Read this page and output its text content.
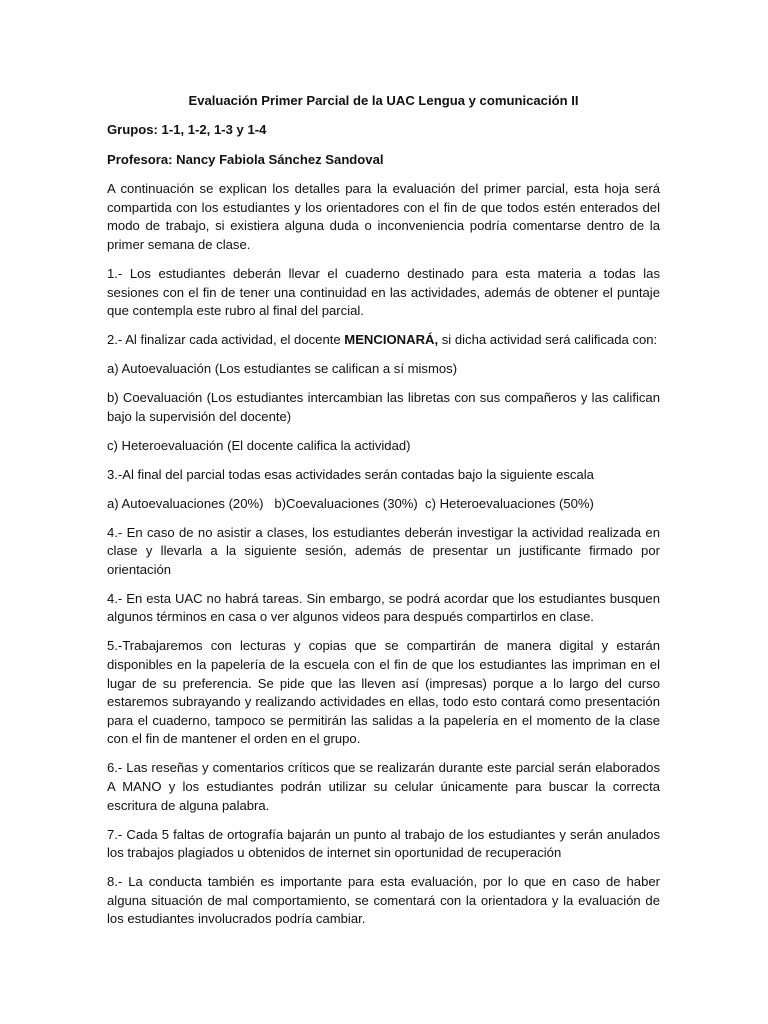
Evaluación Primer Parcial de la UAC Lengua y comunicación II

Grupos: 1-1, 1-2, 1-3 y 1-4

Profesora: Nancy Fabiola Sánchez Sandoval

A continuación se explican los detalles para la evaluación del primer parcial, esta hoja será compartida con los estudiantes y los orientadores con el fin de que todos estén enterados del modo de trabajo, si existiera alguna duda o inconveniencia podría comentarse dentro de la primer semana de clase.

1.- Los estudiantes deberán llevar el cuaderno destinado para esta materia a todas las sesiones con el fin de tener una continuidad en las actividades, además de obtener el puntaje que contempla este rubro al final del parcial.

2.- Al finalizar cada actividad, el docente MENCIONARÁ, si dicha actividad será calificada con:

a) Autoevaluación (Los estudiantes se califican a sí mismos)

b) Coevaluación (Los estudiantes intercambian las libretas con sus compañeros y las califican bajo la supervisión del docente)

c) Heteroevaluación (El docente califica la actividad)

3.-Al final del parcial todas esas actividades serán contadas bajo la siguiente escala

a) Autoevaluaciones (20%)   b)Coevaluaciones (30%)  c) Heteroevaluaciones (50%)

4.- En caso de no asistir a clases, los estudiantes deberán investigar la actividad realizada en clase y llevarla a la siguiente sesión, además de presentar un justificante firmado por orientación

4.- En esta UAC no habrá tareas. Sin embargo, se podrá acordar que los estudiantes busquen algunos términos en casa o ver algunos videos para después compartirlos en clase.

5.-Trabajaremos con lecturas y copias que se compartirán de manera digital y estarán disponibles en la papelería de la escuela con el fin de que los estudiantes las impriman en el lugar de su preferencia. Se pide que las lleven así (impresas) porque a lo largo del curso estaremos subrayando y realizando actividades en ellas, todo esto contará como presentación para el cuaderno, tampoco se permitirán las salidas a la papelería en el momento de la clase con el fin de mantener el orden en el grupo.

6.- Las reseñas y comentarios críticos que se realizarán durante este parcial serán elaborados A MANO y los estudiantes podrán utilizar su celular únicamente para buscar la correcta escritura de alguna palabra.

7.- Cada 5 faltas de ortografía bajarán un punto al trabajo de los estudiantes y serán anulados los trabajos plagiados u obtenidos de internet sin oportunidad de recuperación

8.- La conducta también es importante para esta evaluación, por lo que en caso de haber alguna situación de mal comportamiento, se comentará con la orientadora y la evaluación de los estudiantes involucrados podría cambiar.
